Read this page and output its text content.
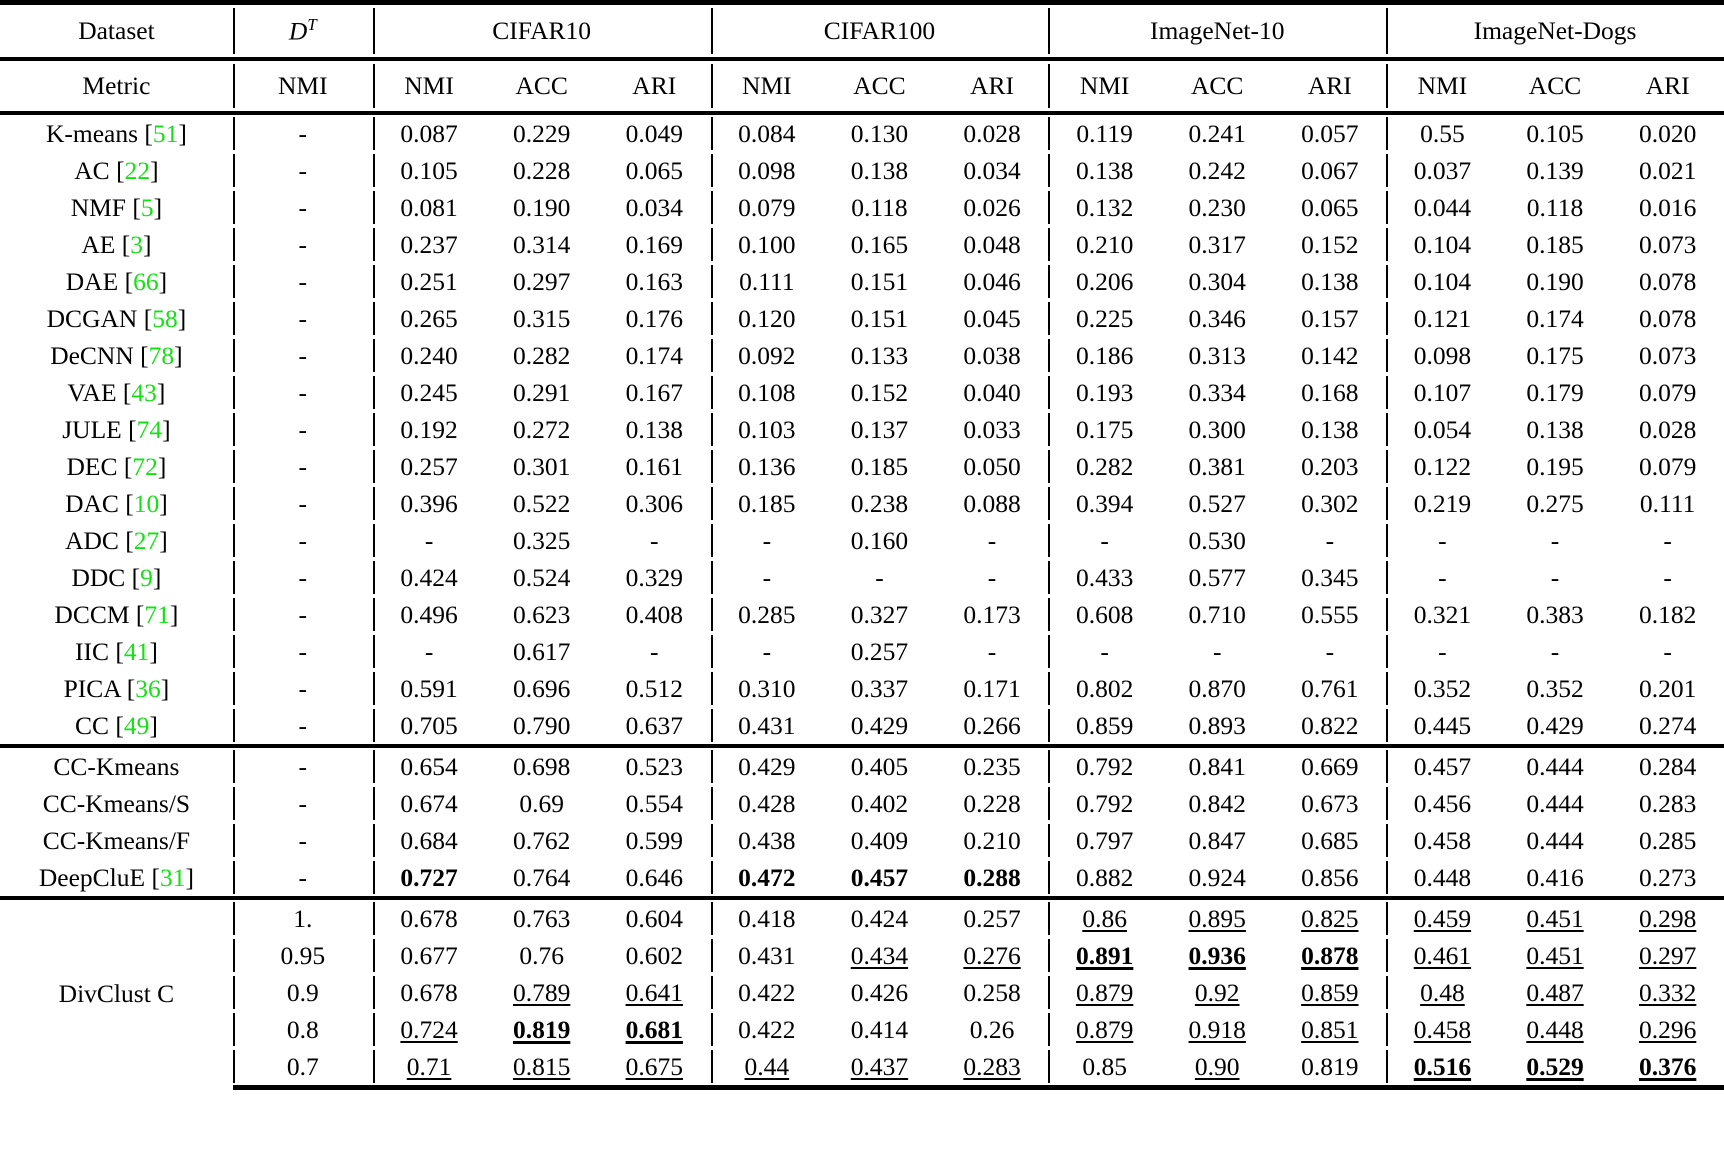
Dataset	$D^T$	CIFAR10			CIFAR100			ImageNet-10			ImageNet-Dogs		
Metric	NMI	NMI	ACC	ARI	NMI	ACC	ARI	NMI	ACC	ARI	NMI	ACC	ARI
K-means [51]	-	0.087	0.229	0.049	0.084	0.130	0.028	0.119	0.241	0.057	0.55	0.105	0.020
AC [22]	-	0.105	0.228	0.065	0.098	0.138	0.034	0.138	0.242	0.067	0.037	0.139	0.021
NMF [5]	-	0.081	0.190	0.034	0.079	0.118	0.026	0.132	0.230	0.065	0.044	0.118	0.016
AE [3]	-	0.237	0.314	0.169	0.100	0.165	0.048	0.210	0.317	0.152	0.104	0.185	0.073
DAE [66]	-	0.251	0.297	0.163	0.111	0.151	0.046	0.206	0.304	0.138	0.104	0.190	0.078
DCGAN [58]	-	0.265	0.315	0.176	0.120	0.151	0.045	0.225	0.346	0.157	0.121	0.174	0.078
DeCNN [78]	-	0.240	0.282	0.174	0.092	0.133	0.038	0.186	0.313	0.142	0.098	0.175	0.073
VAE [43]	-	0.245	0.291	0.167	0.108	0.152	0.040	0.193	0.334	0.168	0.107	0.179	0.079
JULE [74]	-	0.192	0.272	0.138	0.103	0.137	0.033	0.175	0.300	0.138	0.054	0.138	0.028
DEC [72]	-	0.257	0.301	0.161	0.136	0.185	0.050	0.282	0.381	0.203	0.122	0.195	0.079
DAC [10]	-	0.396	0.522	0.306	0.185	0.238	0.088	0.394	0.527	0.302	0.219	0.275	0.111
ADC [27]	-	-	0.325	-	-	0.160	-	-	0.530	-	-	-	-
DDC [9]	-	0.424	0.524	0.329	-	-	-	0.433	0.577	0.345	-	-	-
DCCM [71]	-	0.496	0.623	0.408	0.285	0.327	0.173	0.608	0.710	0.555	0.321	0.383	0.182
IIC [41]	-	-	0.617	-	-	0.257	-	-	-	-	-	-	-
PICA [36]	-	0.591	0.696	0.512	0.310	0.337	0.171	0.802	0.870	0.761	0.352	0.352	0.201
CC [49]	-	0.705	0.790	0.637	0.431	0.429	0.266	0.859	0.893	0.822	0.445	0.429	0.274
CC-Kmeans	-	0.654	0.698	0.523	0.429	0.405	0.235	0.792	0.841	0.669	0.457	0.444	0.284
CC-Kmeans/S	-	0.674	0.69	0.554	0.428	0.402	0.228	0.792	0.842	0.673	0.456	0.444	0.283
CC-Kmeans/F	-	0.684	0.762	0.599	0.438	0.409	0.210	0.797	0.847	0.685	0.458	0.444	0.285
DeepCluE [31]	-	0.727	0.764	0.646	0.472	0.457	0.288	0.882	0.924	0.856	0.448	0.416	0.273
DivClust C	1.	0.678	0.763	0.604	0.418	0.424	0.257	0.86	0.895	0.825	0.459	0.451	0.298
	0.95	0.677	0.76	0.602	0.431	0.434	0.276	0.891	0.936	0.878	0.461	0.451	0.297
	0.9	0.678	0.789	0.641	0.422	0.426	0.258	0.879	0.92	0.859	0.48	0.487	0.332
	0.8	0.724	0.819	0.681	0.422	0.414	0.26	0.879	0.918	0.851	0.458	0.448	0.296
	0.7	0.71	0.815	0.675	0.44	0.437	0.283	0.85	0.90	0.819	0.516	0.529	0.376
